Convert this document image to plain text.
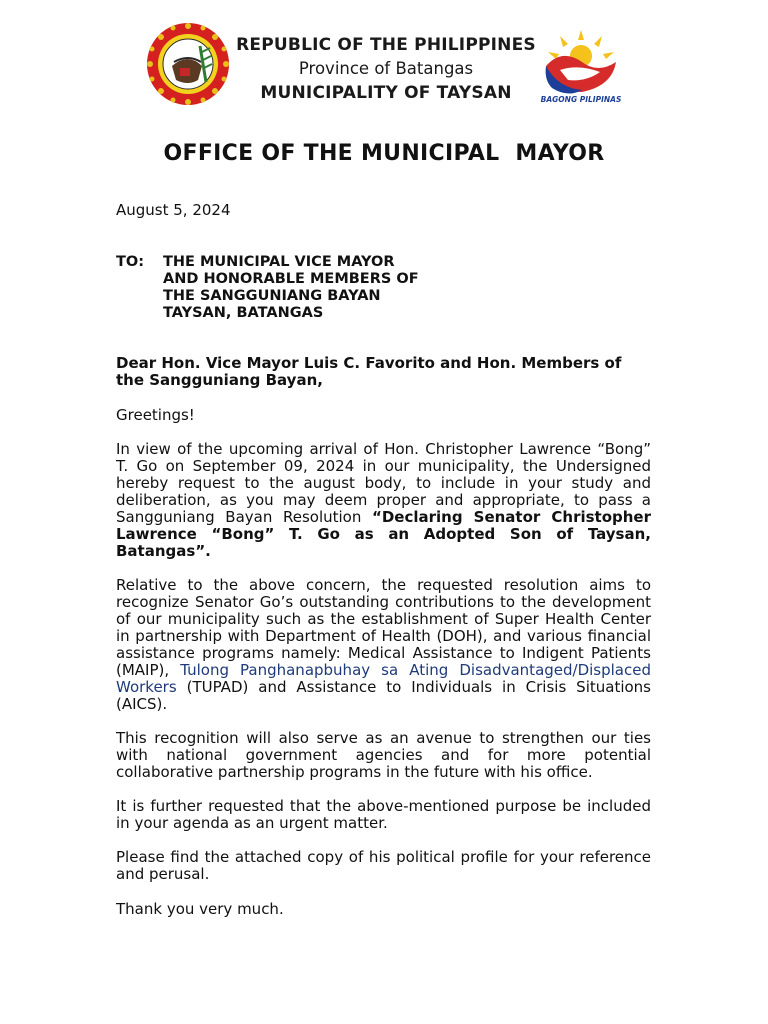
REPUBLIC OF THE PHILIPPINES
Province of Batangas
MUNICIPALITY OF TAYSAN	BAGONG PILIPINAS
OFFICE OF THE MUNICIPAL  MAYOR
August 5, 2024
TO: THE MUNICIPAL VICE MAYOR
AND HONORABLE MEMBERS OF
THE SANGGUNIANG BAYAN
TAYSAN, BATANGAS
Dear Hon. Vice Mayor Luis C. Favorito and Hon. Members of the Sangguniang Bayan,
Greetings!
In view of the upcoming arrival of Hon. Christopher Lawrence “Bong” T. Go on September 09, 2024 in our municipality, the Undersigned hereby request to the august body, to include in your study and deliberation, as you may deem proper and appropriate, to pass a Sangguniang Bayan Resolution “Declaring Senator Christopher Lawrence “Bong” T. Go as an Adopted Son of Taysan, Batangas”.
Relative to the above concern, the requested resolution aims to recognize Senator Go’s outstanding contributions to the development of our municipality such as the establishment of Super Health Center in partnership with Department of Health (DOH), and various financial assistance programs namely: Medical Assistance to Indigent Patients (MAIP), Tulong Panghanapbuhay sa Ating Disadvantaged/Displaced Workers (TUPAD) and Assistance to Individuals in Crisis Situations (AICS).
This recognition will also serve as an avenue to strengthen our ties with national government agencies and for more potential collaborative partnership programs in the future with his office.
It is further requested that the above-mentioned purpose be included in your agenda as an urgent matter.
Please find the attached copy of his political profile for your reference and perusal.
Thank you very much.
